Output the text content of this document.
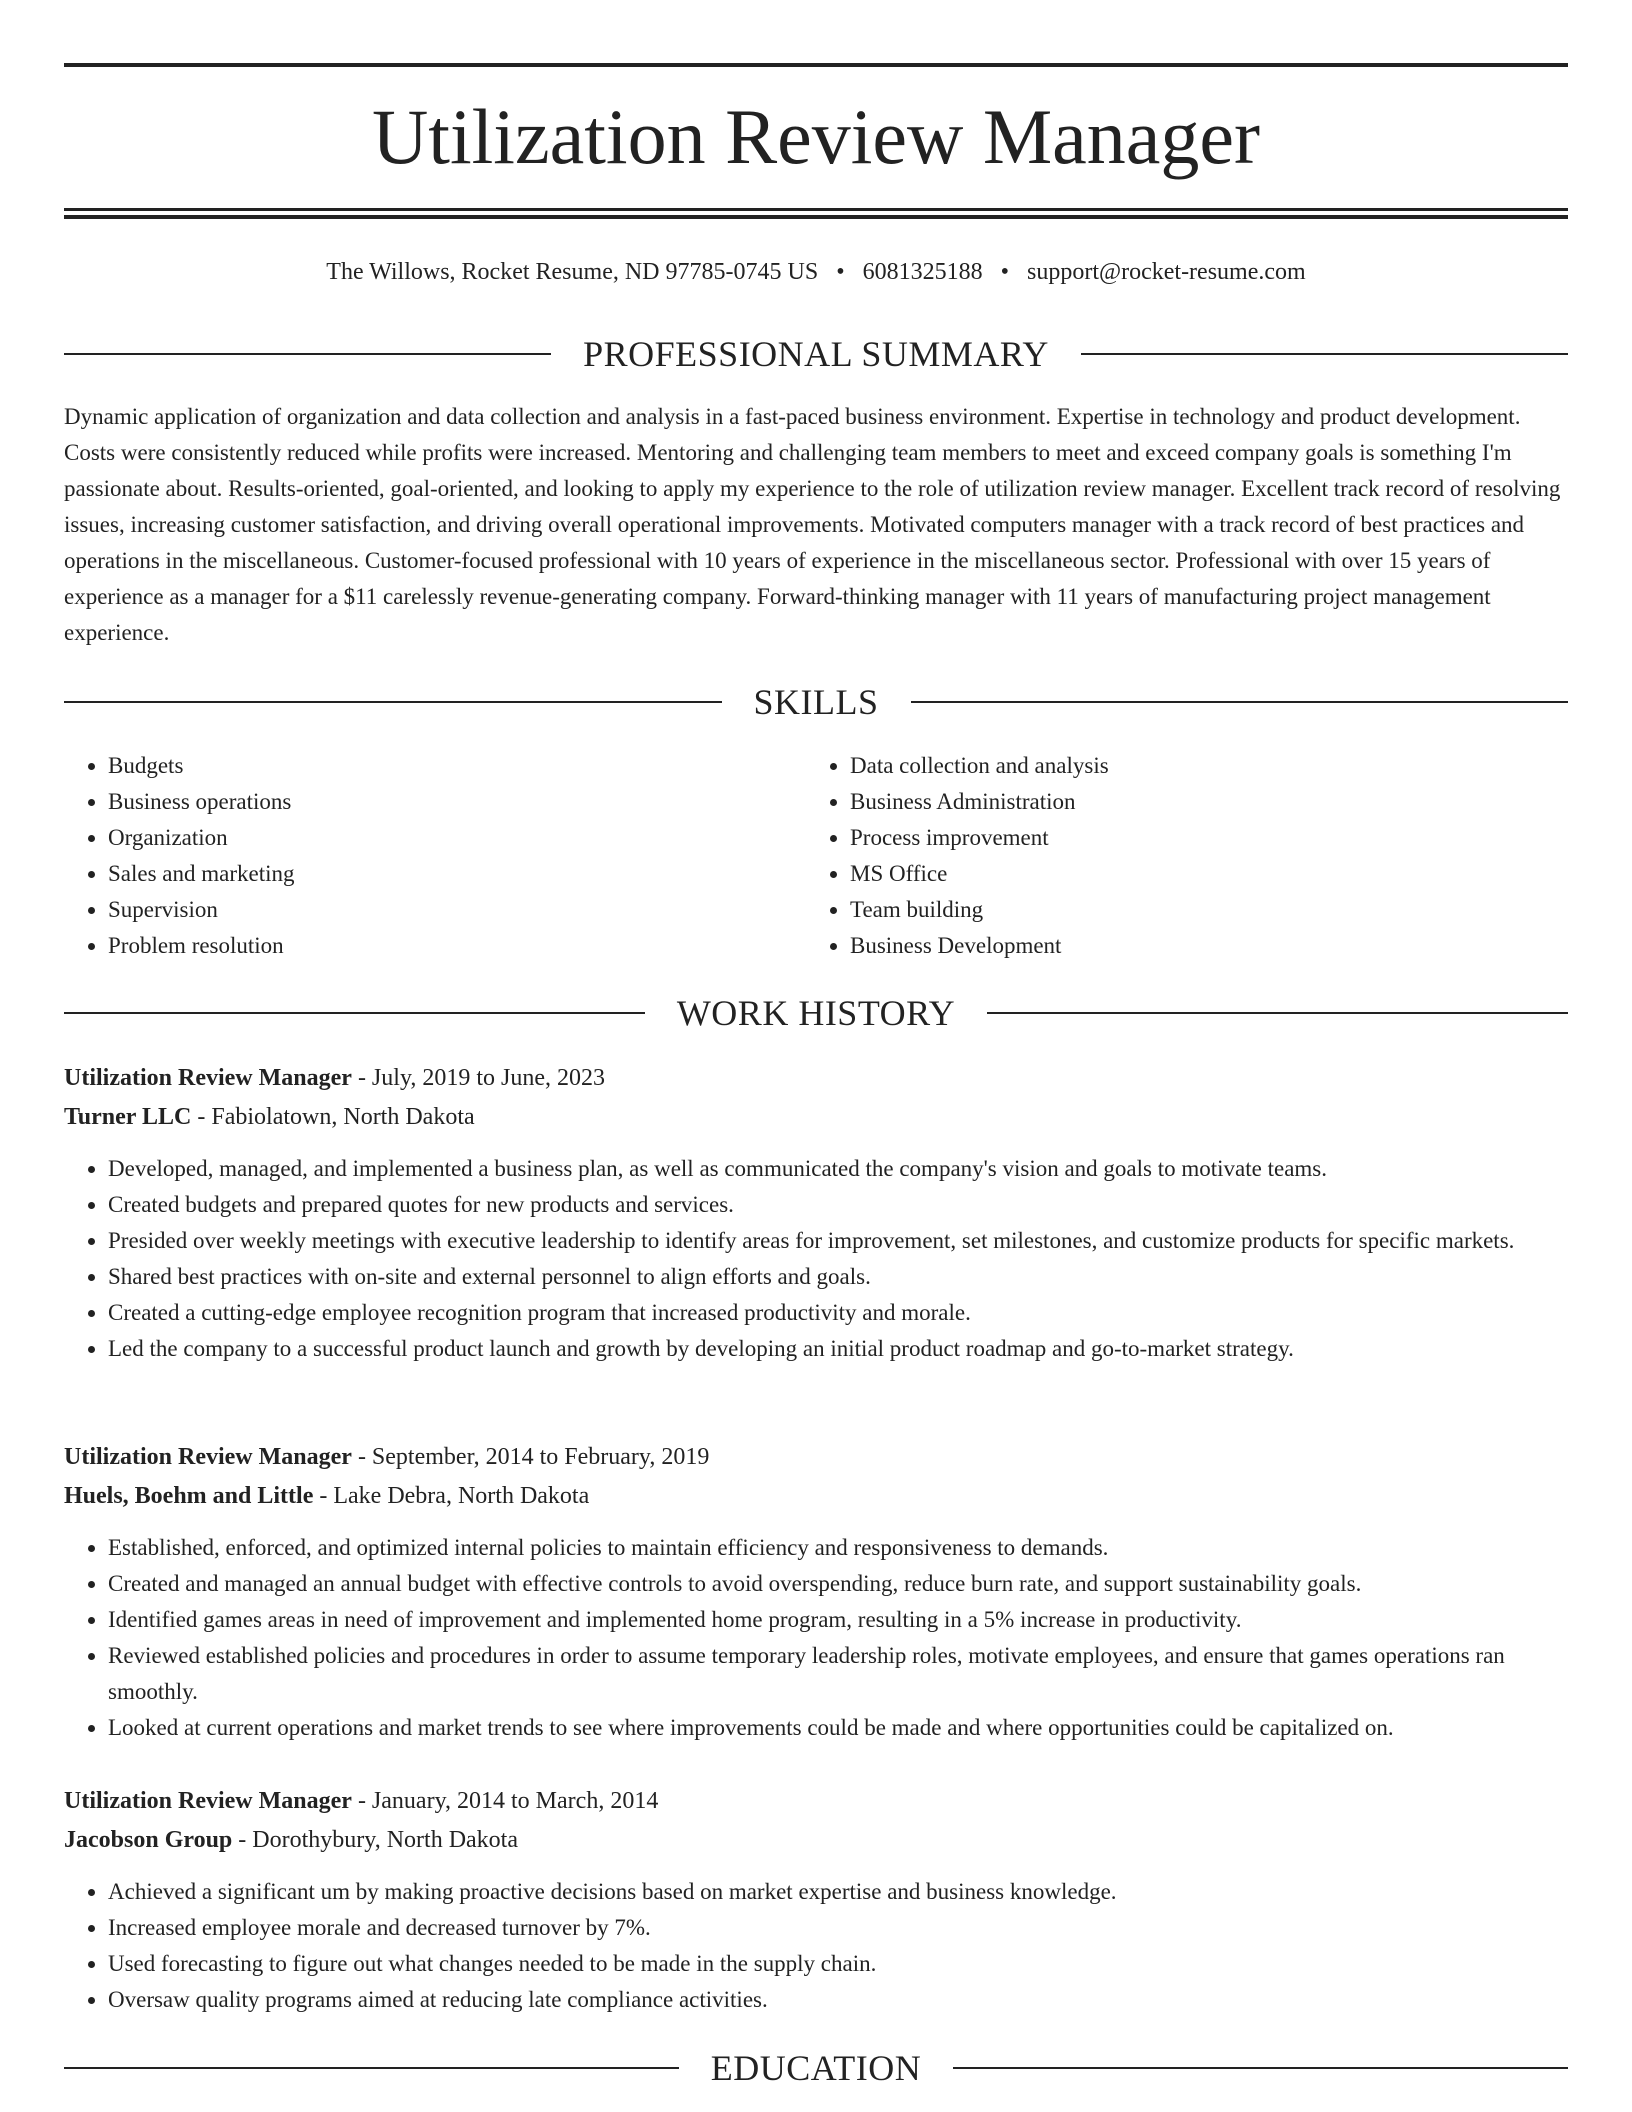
Utilization Review Manager
The Willows, Rocket Resume, ND 97785-0745 US • 6081325188 • support@rocket-resume.com
PROFESSIONAL SUMMARY

Dynamic application of organization and data collection and analysis in a fast-paced business environment. Expertise in technology and product development. Costs were consistently reduced while profits were increased. Mentoring and challenging team members to meet and exceed company goals is something I'm passionate about. Results-oriented, goal-oriented, and looking to apply my experience to the role of utilization review manager. Excellent track record of resolving issues, increasing customer satisfaction, and driving overall operational improvements. Motivated computers manager with a track record of best practices and operations in the miscellaneous. Customer-focused professional with 10 years of experience in the miscellaneous sector. Professional with over 15 years of experience as a manager for a $11 carelessly revenue-generating company. Forward-thinking manager with 11 years of manufacturing project management experience.

SKILLS
• Budgets
• Business operations
• Organization
• Sales and marketing
• Supervision
• Problem resolution
• Data collection and analysis
• Business Administration
• Process improvement
• MS Office
• Team building
• Business Development
WORK HISTORY
Utilization Review Manager - July, 2019 to June, 2023
Turner LLC - Fabiolatown, North Dakota
• Developed, managed, and implemented a business plan, as well as communicated the company's vision and goals to motivate teams.
• Created budgets and prepared quotes for new products and services.
• Presided over weekly meetings with executive leadership to identify areas for improvement, set milestones, and customize products for specific markets.
• Shared best practices with on-site and external personnel to align efforts and goals.
• Created a cutting-edge employee recognition program that increased productivity and morale.
• Led the company to a successful product launch and growth by developing an initial product roadmap and go-to-market strategy.
Utilization Review Manager - September, 2014 to February, 2019
Huels, Boehm and Little - Lake Debra, North Dakota
• Established, enforced, and optimized internal policies to maintain efficiency and responsiveness to demands.
• Created and managed an annual budget with effective controls to avoid overspending, reduce burn rate, and support sustainability goals.
• Identified games areas in need of improvement and implemented home program, resulting in a 5% increase in productivity.
• Reviewed established policies and procedures in order to assume temporary leadership roles, motivate employees, and ensure that games operations ran smoothly.
• Looked at current operations and market trends to see where improvements could be made and where opportunities could be capitalized on.
Utilization Review Manager - January, 2014 to March, 2014
Jacobson Group - Dorothybury, North Dakota
• Achieved a significant um by making proactive decisions based on market expertise and business knowledge.
• Increased employee morale and decreased turnover by 7%.
• Used forecasting to figure out what changes needed to be made in the supply chain.
• Oversaw quality programs aimed at reducing late compliance activities.
EDUCATION
